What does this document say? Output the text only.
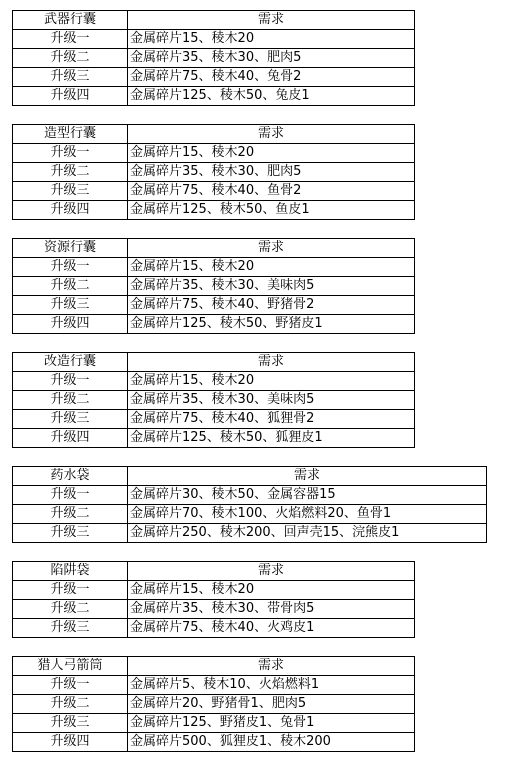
武器行囊	需求
升级一	金属碎片15、稜木20
升级二	金属碎片35、稜木30、肥肉5
升级三	金属碎片75、稜木40、兔骨2
升级四	金属碎片125、稜木50、兔皮1
造型行囊	需求
升级一	金属碎片15、稜木20
升级二	金属碎片35、稜木30、肥肉5
升级三	金属碎片75、稜木40、鱼骨2
升级四	金属碎片125、稜木50、鱼皮1
资源行囊	需求
升级一	金属碎片15、稜木20
升级二	金属碎片35、稜木30、美味肉5
升级三	金属碎片75、稜木40、野猪骨2
升级四	金属碎片125、稜木50、野猪皮1
改造行囊	需求
升级一	金属碎片15、稜木20
升级二	金属碎片35、稜木30、美味肉5
升级三	金属碎片75、稜木40、狐狸骨2
升级四	金属碎片125、稜木50、狐狸皮1
药水袋	需求
升级一	金属碎片30、稜木50、金属容器15
升级二	金属碎片70、稜木100、火焰燃料20、鱼骨1
升级三	金属碎片250、稜木200、回声壳15、浣熊皮1
陷阱袋	需求
升级一	金属碎片15、稜木20
升级二	金属碎片35、稜木30、带骨肉5
升级三	金属碎片75、稜木40、火鸡皮1
猎人弓箭筒	需求
升级一	金属碎片5、稜木10、火焰燃料1
升级二	金属碎片20、野猪骨1、肥肉5
升级三	金属碎片125、野猪皮1、兔骨1
升级四	金属碎片500、狐狸皮1、稜木200
